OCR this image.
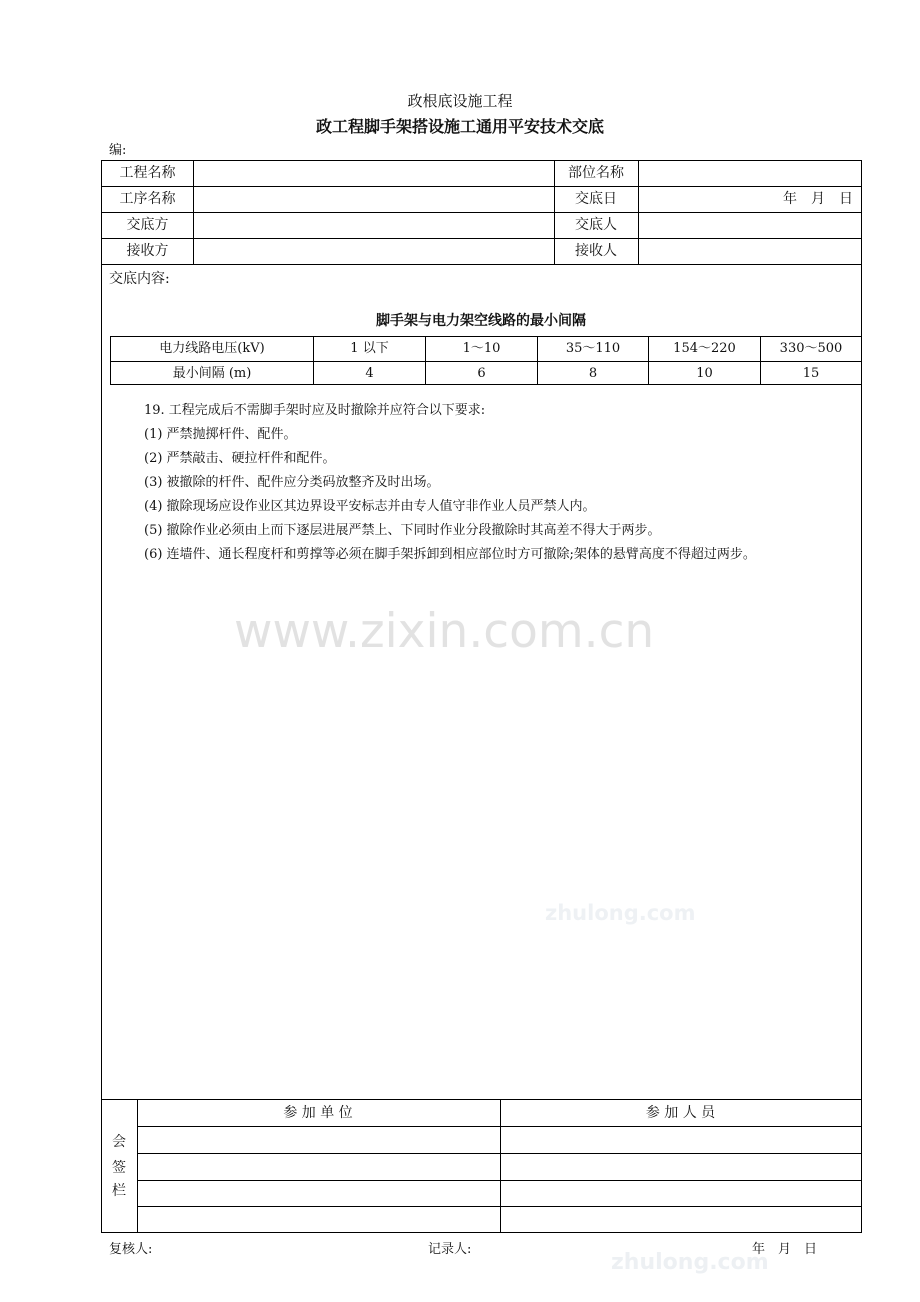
政根底设施工程
政工程脚手架搭设施工通用平安技术交底
编:
工程名称	部位名称
工序名称	交底日	年　月　日
交底方	交底人
接收方	接收人
交底内容:
脚手架与电力架空线路的最小间隔
电力线路电压(kV)	1 以下	1～10	35～110	154～220	330～500
最小间隔 (m)	4	6	8	10	15
19. 工程完成后不需脚手架时应及时撤除并应符合以下要求:
(1) 严禁抛掷杆件、配件。
(2) 严禁敲击、硬拉杆件和配件。
(3) 被撤除的杆件、配件应分类码放整齐及时出场。
(4) 撤除现场应设作业区其边界设平安标志并由专人值守非作业人员严禁人内。
(5) 撤除作业必须由上而下逐层进展严禁上、下同时作业分段撤除时其高差不得大于两步。
(6) 连墙件、通长程度杆和剪撑等必须在脚手架拆卸到相应部位时方可撤除;架体的悬臂高度不得超过两步。
参 加 单 位	参 加 人 员
会
签
栏
复核人:	记录人:	年　月　日
www.zixin.com.cn
zhulong.com
zhulong.com
